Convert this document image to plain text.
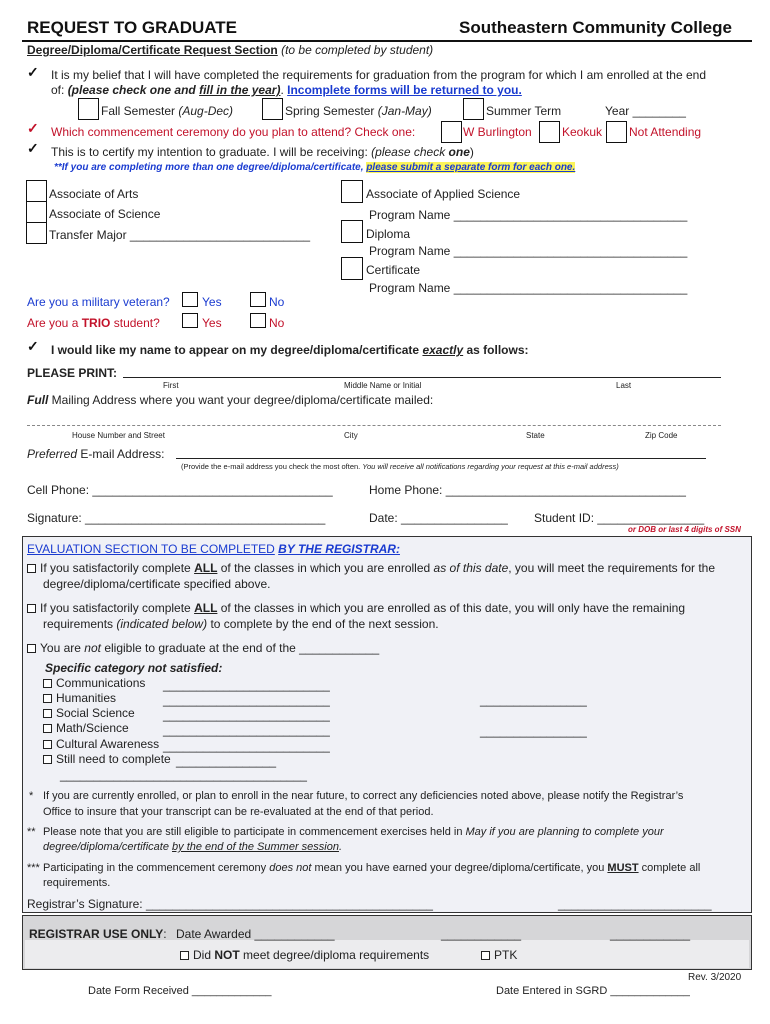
REQUEST TO GRADUATE	Southeastern Community College
Degree/Diploma/Certificate Request Section (to be completed by student)
✓ It is my belief that I will have completed the requirements for graduation from the program for which I am enrolled at the end
of: (please check one and fill in the year). Incomplete forms will be returned to you.
Fall Semester (Aug-Dec)	Spring Semester (Jan-May)	Summer Term	Year ________
✓ Which commencement ceremony do you plan to attend? Check one:	W Burlington	Keokuk Not Attending
✓ This is to certify my intention to graduate. I will be receiving: (please check one)
**If you are completing more than one degree/diploma/certificate, please submit a separate form for each one.
Associate of Arts
Associate of Science
Transfer Major ___________________________
Associate of Applied Science
Program Name ___________________________________
Diploma
Program Name ___________________________________
Certificate
Program Name ___________________________________
Are you a military veteran?	Yes	No
Are you a TRIO student?	Yes	No
✓ I would like my name to appear on my degree/diploma/certificate exactly as follows:
PLEASE PRINT:
First	Middle Name or Initial	Last
Full Mailing Address where you want your degree/diploma/certificate mailed:
House Number and Street	City	State	Zip Code
Preferred E-mail Address:
(Provide the e-mail address you check the most often. You will receive all notifications regarding your request at this e-mail address)
Cell Phone: ____________________________________	Home Phone: ____________________________________
Signature: ____________________________________	Date: ________________ Student ID: ________________
or DOB or last 4 digits of SSN
EVALUATION SECTION TO BE COMPLETED BY THE REGISTRAR:
If you satisfactorily complete ALL of the classes in which you are enrolled as of this date, you will meet the requirements for the
degree/diploma/certificate specified above.
If you satisfactorily complete ALL of the classes in which you are enrolled as of this date, you will only have the remaining
requirements (indicated below) to complete by the end of the next session.
You are not eligible to graduate at the end of the ____________
Specific category not satisfied:
Communications _________________________
Humanities	_________________________
Social Science _________________________
Math/Science	_________________________
Cultural Awareness _________________________
Still need to complete _______________
_____________________________________
________________
________________
* If you are currently enrolled, or plan to enroll in the near future, to correct any deficiencies noted above, please notify the Registrar’s
Office to insure that your transcript can be re-evaluated at the end of that period.
** Please note that you are still eligible to participate in commencement exercises held in May if you are planning to complete your
degree/diploma/certificate by the end of the Summer session.
*** Participating in the commencement ceremony does not mean you have earned your degree/diploma/certificate, you MUST complete all
requirements.
Registrar’s Signature: ___________________________________________	_______________________
REGISTRAR USE ONLY: Date Awarded ____________	____________	____________
Did NOT meet degree/diploma requirements	PTK
Rev. 3/2020
Date Form Received _____________	Date Entered in SGRD _____________
